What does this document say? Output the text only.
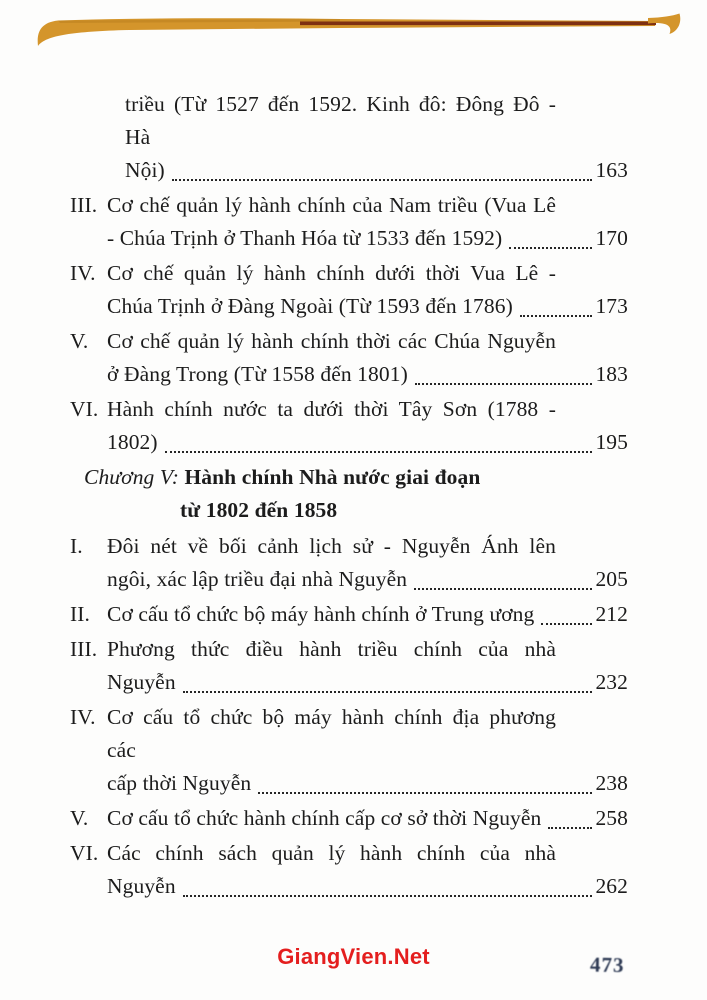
triều (Từ 1527 đến 1592. Kinh đô: Đông Đô - Hà
Nội)	163
III. Cơ chế quản lý hành chính của Nam triều (Vua Lê
- Chúa Trịnh ở Thanh Hóa từ 1533 đến 1592)	170
IV. Cơ chế quản lý hành chính dưới thời Vua Lê -
Chúa Trịnh ở Đàng Ngoài (Từ 1593 đến 1786)	173
V. Cơ chế quản lý hành chính thời các Chúa Nguyễn
ở Đàng Trong (Từ 1558 đến 1801)	183
VI. Hành chính nước ta dưới thời Tây Sơn (1788 -
1802)	195
Chương V: Hành chính Nhà nước giai đoạn
từ 1802 đến 1858
I.	Đôi nét về bối cảnh lịch sử - Nguyễn Ánh lên
ngôi, xác lập triều đại nhà Nguyễn	205
II. Cơ cấu tổ chức bộ máy hành chính ở Trung ương	212
III. Phương thức điều hành triều chính của nhà
Nguyễn	232
IV. Cơ cấu tổ chức bộ máy hành chính địa phương các
cấp thời Nguyễn	238
V. Cơ cấu tổ chức hành chính cấp cơ sở thời Nguyễn	258
VI. Các chính sách quản lý hành chính của nhà
Nguyễn	262
GiangVien.Net	473
